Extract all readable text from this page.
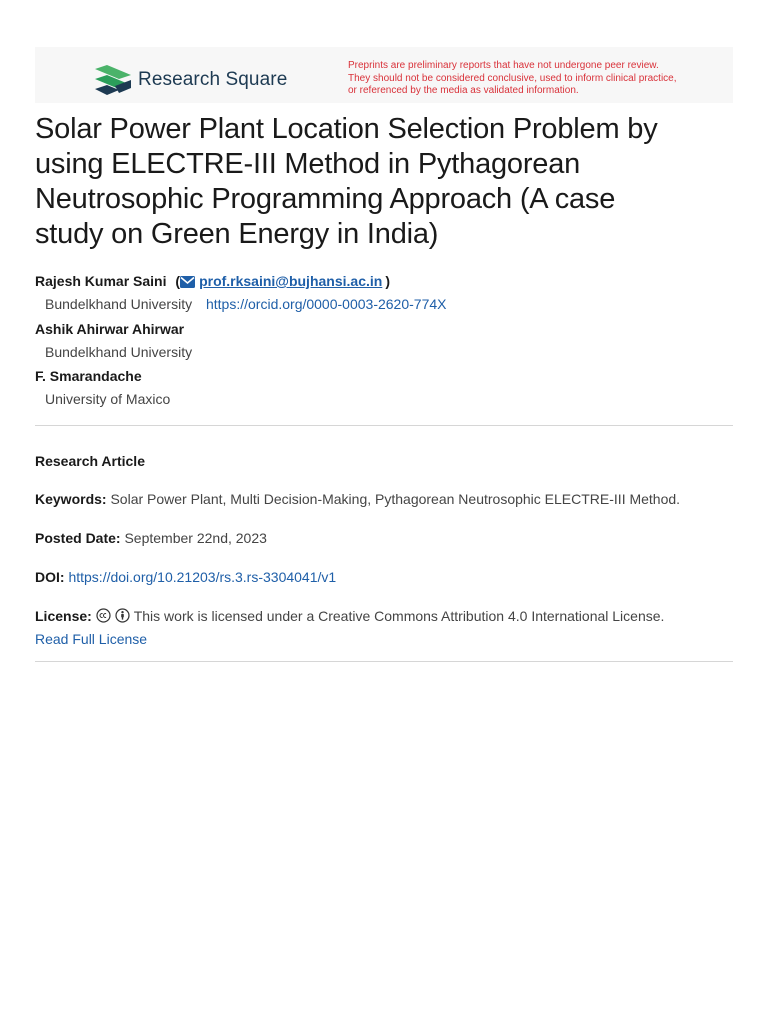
Research Square
Preprints are preliminary reports that have not undergone peer review.
They should not be considered conclusive, used to inform clinical practice,
or referenced by the media as validated information.
Solar Power Plant Location Selection Problem by
using ELECTRE-III Method in Pythagorean
Neutrosophic Programming Approach (A case
study on Green Energy in India)
Rajesh Kumar Saini ( prof.rksaini@bujhansi.ac.in )
Bundelkhand University https://orcid.org/0000-0003-2620-774X
Ashik Ahirwar Ahirwar
Bundelkhand University
F. Smarandache
University of Maxico
Research Article
Keywords: Solar Power Plant, Multi Decision-Making, Pythagorean Neutrosophic ELECTRE-III Method.
Posted Date: September 22nd, 2023
DOI: https://doi.org/10.21203/rs.3.rs-3304041/v1
License:	This work is licensed under a Creative Commons Attribution 4.0 International License.
Read Full License
